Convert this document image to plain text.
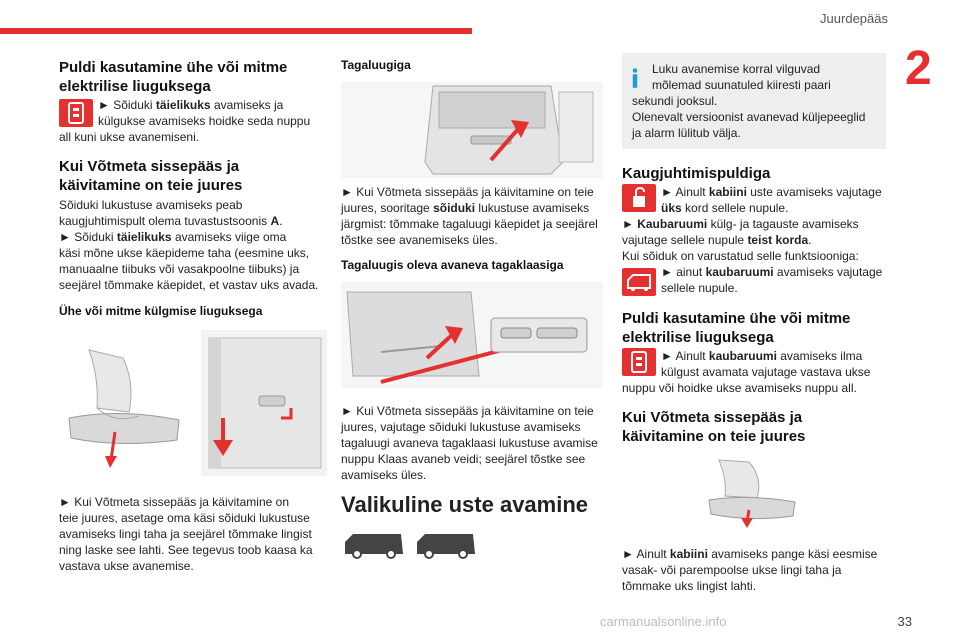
Juurdepääs
2
33
carmanualsonline.info

Puldi kasutamine ühe või mitme

elektrilise liuguksega

► Sõiduki täielikuks avamiseks ja

külgukse avamiseks hoidke seda nuppu

all kuni ukse avanemiseni.

Kui Võtmeta sissepääs ja

käivitamine on teie juures

Sõiduki lukustuse avamiseks peab

kaugjuhtimispult olema tuvastustsoonis A.

► Sõiduki täielikuks avamiseks viige oma

käsi mõne ukse käepideme taha (eesmine uks,

manuaalne tiibuks või vasakpoolne tiibuks) ja

seejärel tõmmake käepidet, et vastav uks avada.

Ühe või mitme külgmise liuguksega

► Kui Võtmeta sissepääs ja käivitamine on

teie juures, asetage oma käsi sõiduki lukustuse

avamiseks lingi taha ja seejärel tõmmake lingist

ning laske see lahti. See tegevus toob kaasa ka

vastava ukse avanemise.

Tagaluugiga

► Kui Võtmeta sissepääs ja käivitamine on teie

juures, sooritage sõiduki lukustuse avamiseks

järgmist: tõmmake tagaluugi käepidet ja seejärel

tõstke see avanemiseks üles.

Tagaluugis oleva avaneva tagaklaasiga

► Kui Võtmeta sissepääs ja käivitamine on teie

juures, vajutage sõiduki lukustuse avamiseks

tagaluugi avaneva tagaklaasi lukustuse avamise

nuppu Klaas avaneb veidi; seejärel tõstke see

avamiseks üles.

Valikuline uste avamine

Luku avanemise korral vilguvad

mõlemad suunatuled kiiresti paari

sekundi jooksul.

Olenevalt versioonist avanevad küljepeeglid

ja alarm lülitub välja.

Kaugjuhtimispuldiga

► Ainult kabiini uste avamiseks vajutage

üks kord sellele nupule.

► Kaubaruumi külg- ja tagauste avamiseks

vajutage sellele nupule teist korda.

Kui sõiduk on varustatud selle funktsiooniga:

► ainut kaubaruumi avamiseks vajutage

sellele nupule.

Puldi kasutamine ühe või mitme

elektrilise liuguksega

► Ainult kaubaruumi avamiseks ilma

külgust avamata vajutage vastava ukse

nuppu või hoidke ukse avamiseks nuppu all.

Kui Võtmeta sissepääs ja

käivitamine on teie juures

► Ainult kabiini avamiseks pange käsi eesmise

vasak- või parempoolse ukse lingi taha ja

tõmmake uks lingist lahti.
